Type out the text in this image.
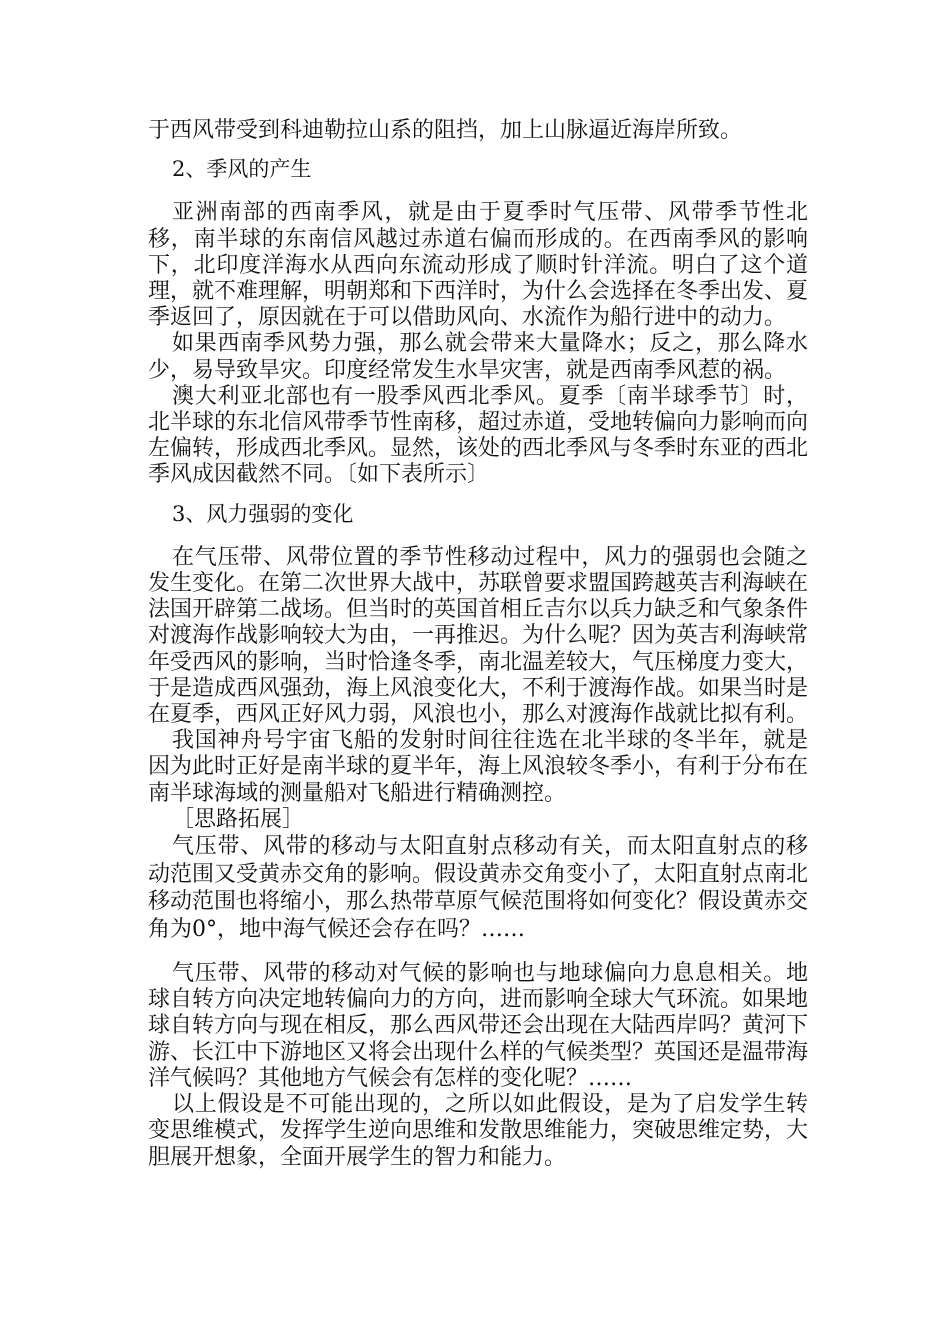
于西风带受到科迪勒拉山系的阻挡，加上山脉逼近海岸所致。

2、季风的产生

亚洲南部的西南季风，就是由于夏季时气压带、风带季节性北移，南半球的东南信风越过赤道右偏而形成的。在西南季风的影响下，北印度洋海水从西向东流动形成了顺时针洋流。明白了这个道理，就不难理解，明朝郑和下西洋时，为什么会选择在冬季出发、夏季返回了，原因就在于可以借助风向、水流作为船行进中的动力。

如果西南季风势力强，那么就会带来大量降水；反之，那么降水少，易导致旱灾。印度经常发生水旱灾害，就是西南季风惹的祸。

澳大利亚北部也有一股季风西北季风。夏季〔南半球季节〕时，北半球的东北信风带季节性南移，超过赤道，受地转偏向力影响而向左偏转，形成西北季风。显然，该处的西北季风与冬季时东亚的西北季风成因截然不同。〔如下表所示〕

3、风力强弱的变化

在气压带、风带位置的季节性移动过程中，风力的强弱也会随之发生变化。在第二次世界大战中，苏联曾要求盟国跨越英吉利海峡在法国开辟第二战场。但当时的英国首相丘吉尔以兵力缺乏和气象条件对渡海作战影响较大为由，一再推迟。为什么呢？因为英吉利海峡常年受西风的影响，当时恰逢冬季，南北温差较大，气压梯度力变大，于是造成西风强劲，海上风浪变化大，不利于渡海作战。如果当时是在夏季，西风正好风力弱，风浪也小，那么对渡海作战就比拟有利。

我国神舟号宇宙飞船的发射时间往往选在北半球的冬半年，就是因为此时正好是南半球的夏半年，海上风浪较冬季小，有利于分布在南半球海域的测量船对飞船进行精确测控。

［思路拓展］

气压带、风带的移动与太阳直射点移动有关，而太阳直射点的移动范围又受黄赤交角的影响。假设黄赤交角变小了，太阳直射点南北移动范围也将缩小，那么热带草原气候范围将如何变化？假设黄赤交角为0°，地中海气候还会存在吗？……

气压带、风带的移动对气候的影响也与地球偏向力息息相关。地球自转方向决定地转偏向力的方向，进而影响全球大气环流。如果地球自转方向与现在相反，那么西风带还会出现在大陆西岸吗？黄河下游、长江中下游地区又将会出现什么样的气候类型？英国还是温带海洋气候吗？其他地方气候会有怎样的变化呢？……

以上假设是不可能出现的，之所以如此假设，是为了启发学生转变思维模式，发挥学生逆向思维和发散思维能力，突破思维定势，大胆展开想象，全面开展学生的智力和能力。
